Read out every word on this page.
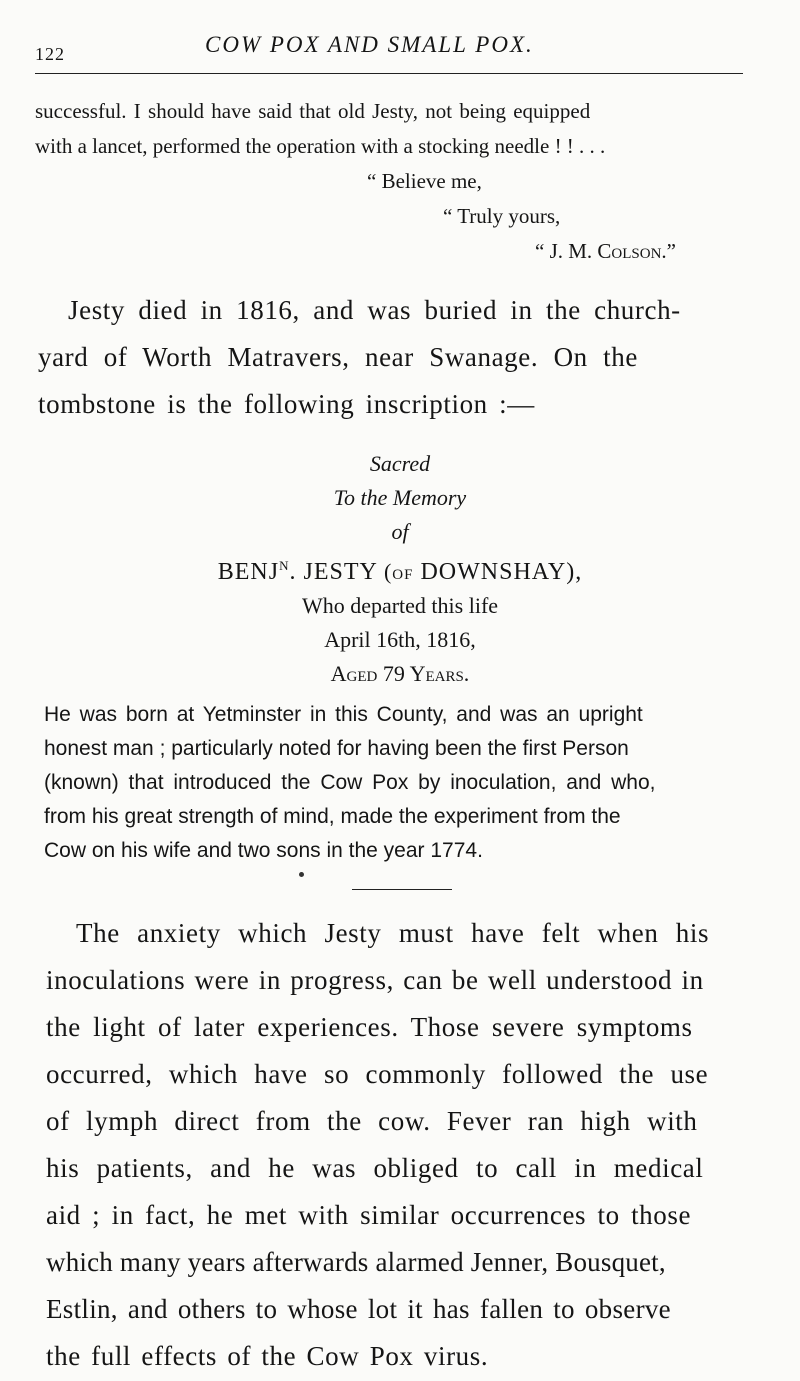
122	COW POX AND SMALL POX.
successful. I should have said that old Jesty, not being equipped
with a lancet, performed the operation with a stocking needle ! ! . . .
“ Believe me,
“ Truly yours,
“ J. M. Colson.”
Jesty died in 1816, and was buried in the church-
yard of Worth Matravers, near Swanage. On the
tombstone is the following inscription :—
Sacred
To the Memory
of
$BENJ^N$. JESTY (of DOWNSHAY),
Who departed this life
April 16th, 1816,
Aged 79 Years.
He was born at Yetminster in this County, and was an upright
honest man ; particularly noted for having been the first Person
(known) that introduced the Cow Pox by inoculation, and who,
from his great strength of mind, made the experiment from the
Cow on his wife and two sons in the year 1774.
The anxiety which Jesty must have felt when his
inoculations were in progress, can be well understood in
the light of later experiences. Those severe symptoms
occurred, which have so commonly followed the use
of lymph direct from the cow. Fever ran high with
his patients, and he was obliged to call in medical
aid ; in fact, he met with similar occurrences to those
which many years afterwards alarmed Jenner, Bousquet,
Estlin, and others to whose lot it has fallen to observe
the full effects of the Cow Pox virus.
